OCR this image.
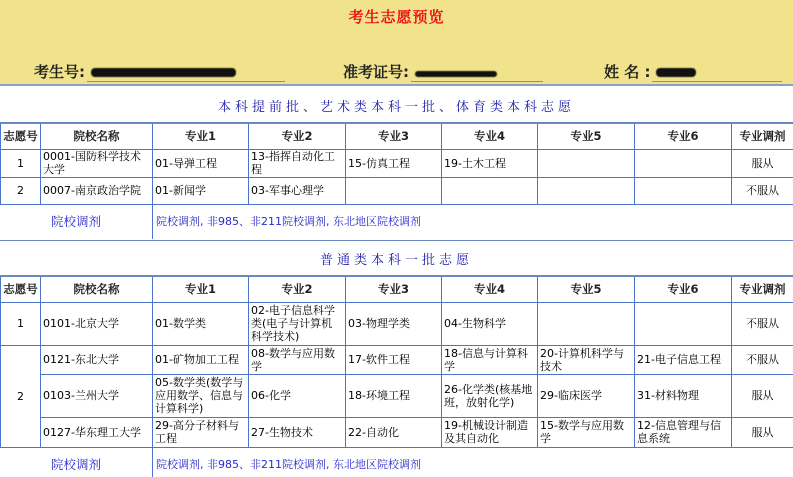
考生志愿预览
考生号:	准考证号:	姓 名 :
本科提前批、艺术类本科一批、体育类本科志愿
志愿号	院校名称	专业1	专业2	专业3	专业4	专业5	专业6	专业调剂
1	0001-国防科学技术大学	01-导弹工程	13-指挥自动化工程	15-仿真工程	19-土木工程			服从
2	0007-南京政治学院	01-新闻学	03-军事心理学					不服从
院校调剂	院校调剂, 非985、非211院校调剂, 东北地区院校调剂
普通类本科一批志愿
志愿号	院校名称	专业1	专业2	专业3	专业4	专业5	专业6	专业调剂
1	0101-北京大学	01-数学类	02-电子信息科学类(电子与计算机科学技术)	03-物理学类	04-生物科学			不服从
2	0121-东北大学	01-矿物加工工程	08-数学与应用数学	17-软件工程	18-信息与计算科学	20-计算机科学与技术	21-电子信息工程	不服从
	0103-兰州大学	05-数学类(数学与应用数学、信息与计算科学)	06-化学	18-环境工程	26-化学类(核基地班，放射化学)	29-临床医学	31-材料物理	服从
	0127-华东理工大学	29-高分子材料与工程	27-生物技术	22-自动化	19-机械设计制造及其自动化	15-数学与应用数学	12-信息管理与信息系统	服从
院校调剂	院校调剂, 非985、非211院校调剂, 东北地区院校调剂
